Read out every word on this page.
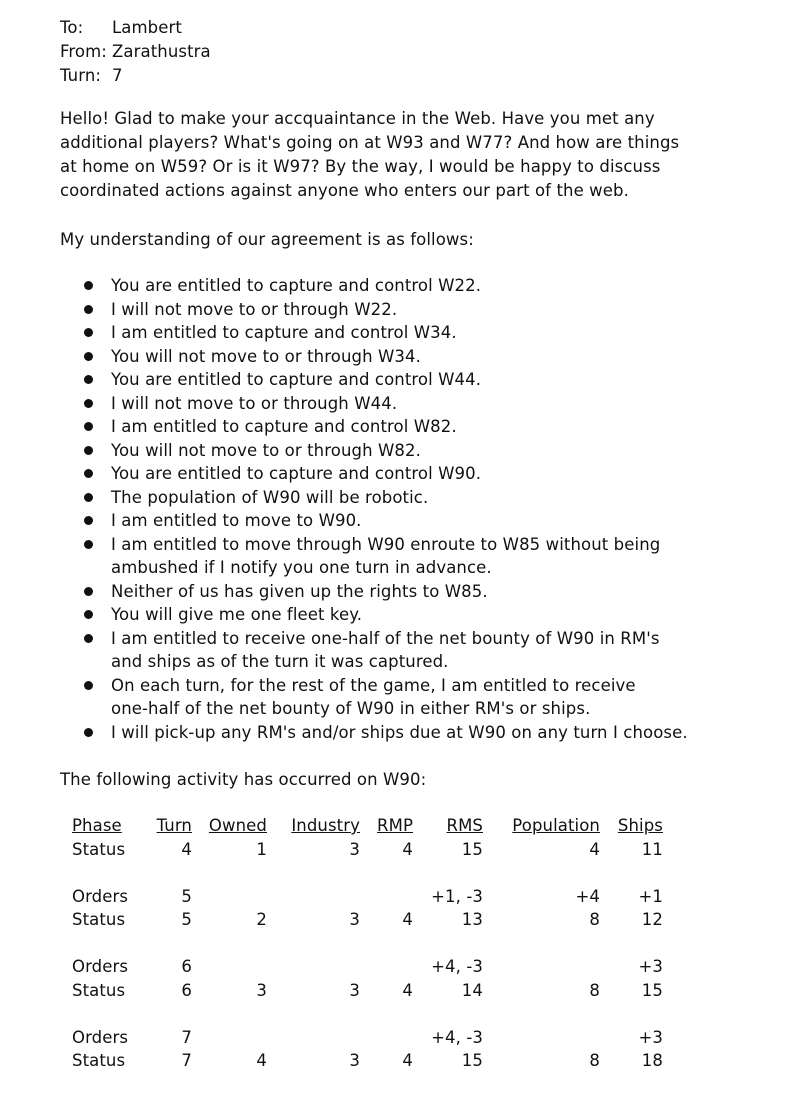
To:	Lambert
From: Zarathustra
Turn: 7

Hello! Glad to make your accquaintance in the Web. Have you met any

additional players? What's going on at W93 and W77? And how are things

at home on W59? Or is it W97? By the way, I would be happy to discuss

coordinated actions against anyone who enters our part of the web.

My understanding of our agreement is as follows:
You are entitled to capture and control W22.
I will not move to or through W22.
I am entitled to capture and control W34.
You will not move to or through W34.
You are entitled to capture and control W44.
I will not move to or through W44.
I am entitled to capture and control W82.
You will not move to or through W82.
You are entitled to capture and control W90.
The population of W90 will be robotic.
I am entitled to move to W90.
I am entitled to move through W90 enroute to W85 without being ambushed if I notify you one turn in advance.
Neither of us has given up the rights to W85.
You will give me one fleet key.
I am entitled to receive one-half of the net bounty of W90 in RM's and ships as of the turn it was captured.
On each turn, for the rest of the game, I am entitled to receive one-half of the net bounty of W90 in either RM's or ships.
I will pick-up any RM's and/or ships due at W90 on any turn I choose.
The following activity has occurred on W90:
Phase	Turn	Owned	Industry	RMP	RMS	Population	Ships
Status	4	1	3	4	15	4	11

Orders	5				+1, -3	+4	+1
Status	5	2	3	4	13	8	12

Orders	6				+4, -3		+3
Status	6	3	3	4	14	8	15

Orders	7				+4, -3		+3
Status	7	4	3	4	15	8	18
